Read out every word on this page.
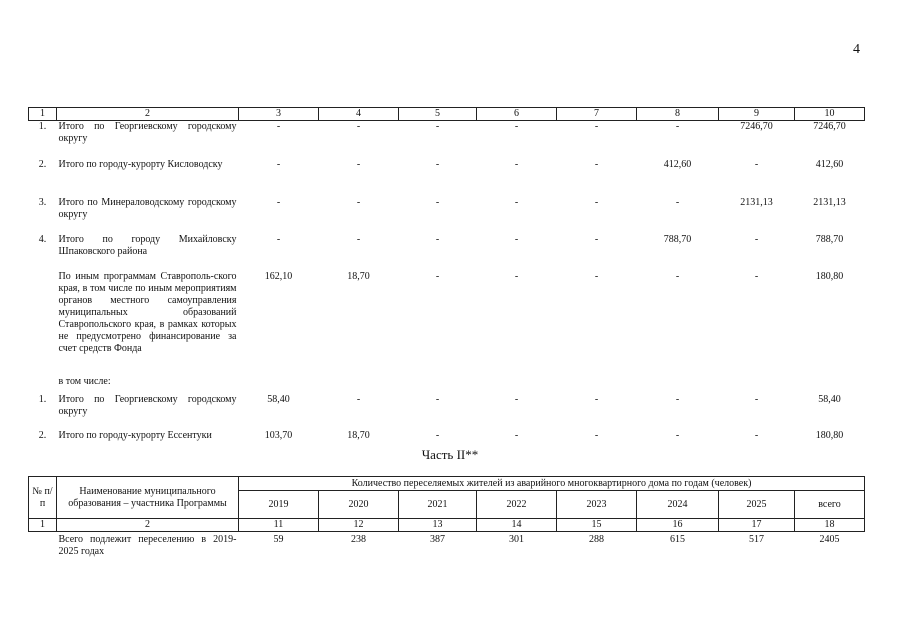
4
1	2	3	4	5	6	7	8	9	10
1.	Итого по Георгиевскому городскому округу	-	-	-	-	-	-	7246,70	7246,70
2.	Итого по городу-курорту Кисловодску	-	-	-	-	-	412,60	-	412,60
3.	Итого по Минераловодскому городскому округу	-	-	-	-	-	-	2131,13	2131,13
4.	Итого по городу Михайловску Шпаковского района	-	-	-	-	-	788,70	-	788,70
	По иным программам Ставрополь-ского края, в том числе по иным мероприятиям органов местного самоуправления муниципальных образований Ставропольского края, в рамках которых не предусмотрено финансирование за счет средств Фонда	162,10	18,70	-	-	-	-	-	180,80
	в том числе:								
1.	Итого по Георгиевскому городскому округу	58,40	-	-	-	-	-	-	58,40
2.	Итого по городу-курорту Ессентуки	103,70	18,70	-	-	-	-	-	180,80
Часть II**
№ п/п	Наименование муниципального образования – участника Программы	Количество переселяемых жителей из аварийного многоквартирного дома по годам (человек)							
		2019	2020	2021	2022	2023	2024	2025	всего
1	2	11	12	13	14	15	16	17	18
	Всего подлежит переселению в 2019-2025 годах	59	238	387	301	288	615	517	2405
